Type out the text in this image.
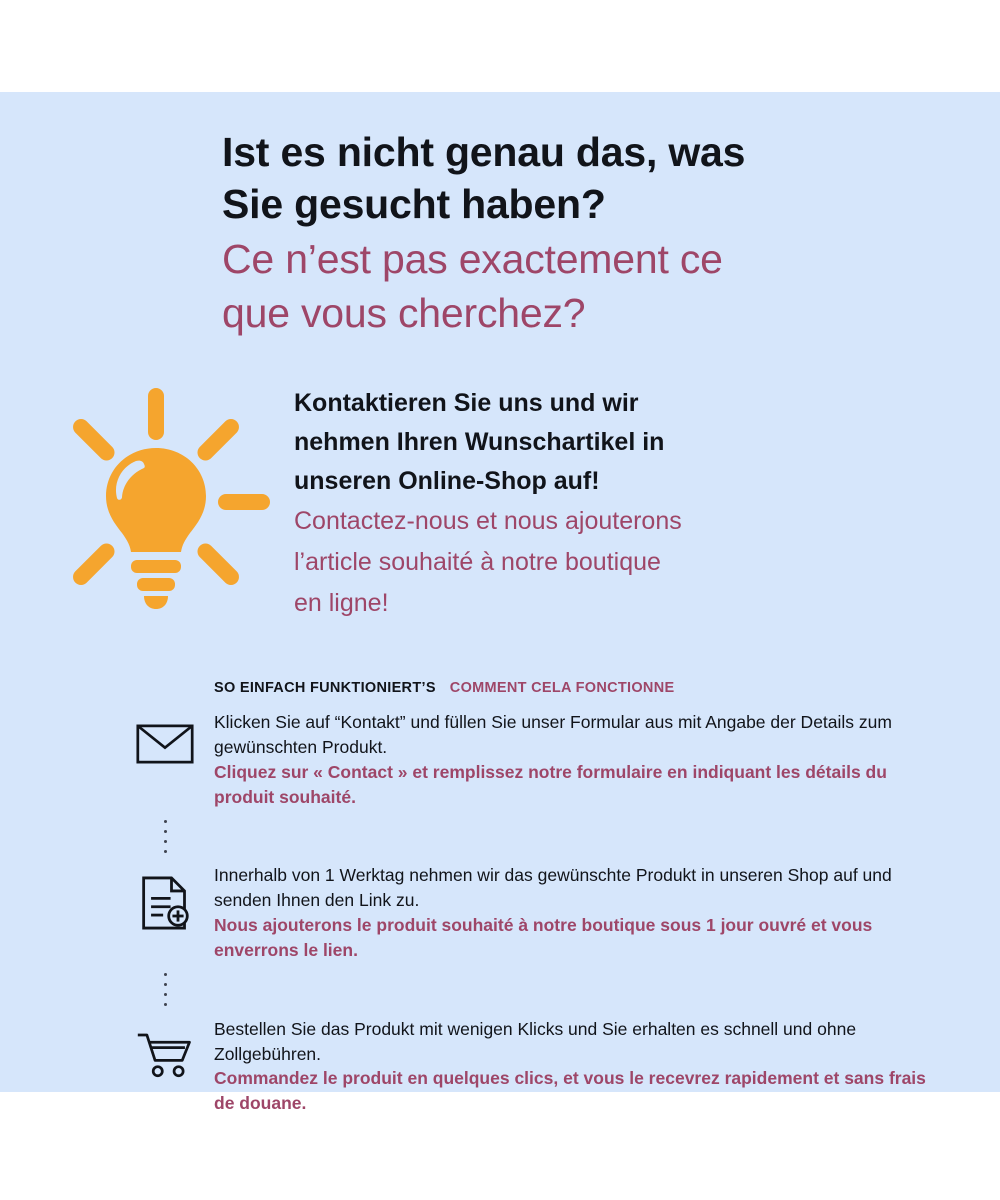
Ist es nicht genau das, was
Sie gesucht haben?
Ce n’est pas exactement ce
que vous cherchez?
Kontaktieren Sie uns und wir
nehmen Ihren Wunschartikel in
unseren Online-Shop auf!
Contactez-nous et nous ajouterons
l’article souhaité à notre boutique
en ligne!
SO EINFACH FUNKTIONIERT’S COMMENT CELA FONCTIONNE
Klicken Sie auf “Kontakt” und füllen Sie unser Formular aus mit Angabe der Details zum gewünschten Produkt.
Cliquez sur « Contact » et remplissez notre formulaire en indiquant les détails du produit souhaité.
Innerhalb von 1 Werktag nehmen wir das gewünschte Produkt in unseren Shop auf und senden Ihnen den Link zu.
Nous ajouterons le produit souhaité à notre boutique sous 1 jour ouvré et vous enverrons le lien.
Bestellen Sie das Produkt mit wenigen Klicks und Sie erhalten es schnell und ohne Zollgebühren.
Commandez le produit en quelques clics, et vous le recevrez rapidement et sans frais de douane.
